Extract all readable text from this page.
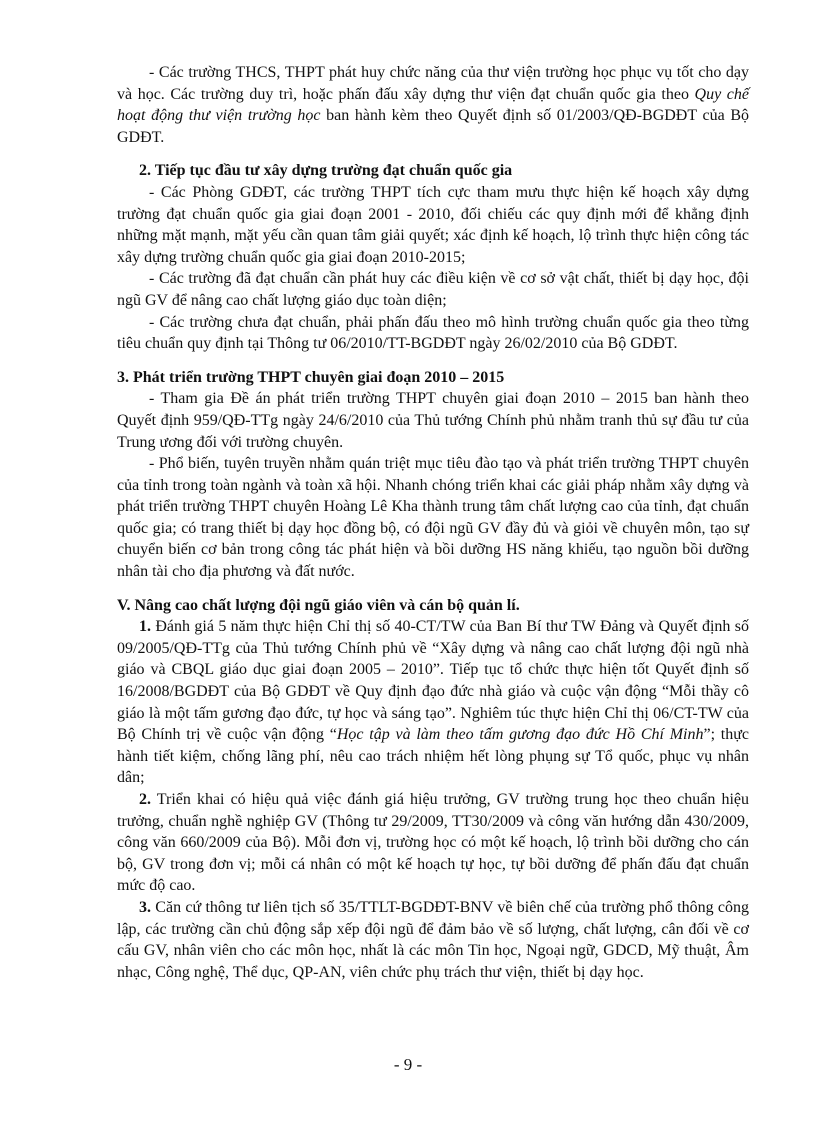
- Các trường THCS, THPT phát huy chức năng của thư viện trường học phục vụ tốt cho dạy và học. Các trường duy trì, hoặc phấn đấu xây dựng thư viện đạt chuẩn quốc gia theo Quy chế hoạt động thư viện trường học ban hành kèm theo Quyết định số 01/2003/QĐ-BGDĐT của Bộ GDĐT.

2. Tiếp tục đầu tư xây dựng trường đạt chuẩn quốc gia

- Các Phòng GDĐT, các trường THPT tích cực tham mưu thực hiện kế hoạch xây dựng trường đạt chuẩn quốc gia giai đoạn 2001 - 2010, đối chiếu các quy định mới để khẳng định những mặt mạnh, mặt yếu cần quan tâm giải quyết; xác định kế hoạch, lộ trình thực hiện công tác xây dựng trường chuẩn quốc gia giai đoạn 2010-2015;

- Các trường đã đạt chuẩn cần phát huy các điều kiện về cơ sở vật chất, thiết bị dạy học, đội ngũ GV để nâng cao chất lượng giáo dục toàn diện;

- Các trường chưa đạt chuẩn, phải phấn đấu theo mô hình trường chuẩn quốc gia theo từng tiêu chuẩn quy định tại Thông tư 06/2010/TT-BGDĐT ngày 26/02/2010 của Bộ GDĐT.

3. Phát triển trường THPT chuyên giai đoạn 2010 – 2015

- Tham gia Đề án phát triển trường THPT chuyên giai đoạn 2010 – 2015 ban hành theo Quyết định 959/QĐ-TTg ngày 24/6/2010 của Thủ tướng Chính phủ nhằm tranh thủ sự đầu tư của Trung ương đối với trường chuyên.

- Phổ biến, tuyên truyền nhằm quán triệt mục tiêu đào tạo và phát triển trường THPT chuyên của tỉnh trong toàn ngành và toàn xã hội. Nhanh chóng triển khai các giải pháp nhằm xây dựng và phát triển trường THPT chuyên Hoàng Lê Kha thành trung tâm chất lượng cao của tỉnh, đạt chuẩn quốc gia; có trang thiết bị dạy học đồng bộ, có đội ngũ GV đầy đủ và giỏi về chuyên môn, tạo sự chuyển biến cơ bản trong công tác phát hiện và bồi dưỡng HS năng khiếu, tạo nguồn bồi dưỡng nhân tài cho địa phương và đất nước.

V. Nâng cao chất lượng đội ngũ giáo viên và cán bộ quản lí.

1. Đánh giá 5 năm thực hiện Chỉ thị số 40-CT/TW của Ban Bí thư TW Đảng và Quyết định số 09/2005/QĐ-TTg của Thủ tướng Chính phủ về “Xây dựng và nâng cao chất lượng đội ngũ nhà giáo và CBQL giáo dục giai đoạn 2005 – 2010”. Tiếp tục tổ chức thực hiện tốt Quyết định số 16/2008/BGDĐT của Bộ GDĐT về Quy định đạo đức nhà giáo và cuộc vận động “Mỗi thầy cô giáo là một tấm gương đạo đức, tự học và sáng tạo”. Nghiêm túc thực hiện Chỉ thị 06/CT-TW của Bộ Chính trị về cuộc vận động “Học tập và làm theo tấm gương đạo đức Hồ Chí Minh”; thực hành tiết kiệm, chống lãng phí, nêu cao trách nhiệm hết lòng phụng sự Tổ quốc, phục vụ nhân dân;

2. Triển khai có hiệu quả việc đánh giá hiệu trưởng, GV trường trung học theo chuẩn hiệu trưởng, chuẩn nghề nghiệp GV (Thông tư 29/2009, TT30/2009 và công văn hướng dẫn 430/2009, công văn 660/2009 của Bộ). Mỗi đơn vị, trường học có một kế hoạch, lộ trình bồi dưỡng cho cán bộ, GV trong đơn vị; mỗi cá nhân có một kế hoạch tự học, tự bồi dưỡng để phấn đấu đạt chuẩn mức độ cao.

3. Căn cứ thông tư liên tịch số 35/TTLT-BGDĐT-BNV về biên chế của trường phổ thông công lập, các trường cần chủ động sắp xếp đội ngũ để đảm bảo về số lượng, chất lượng, cân đối về cơ cấu GV, nhân viên cho các môn học, nhất là các môn Tin học, Ngoại ngữ, GDCD, Mỹ thuật, Âm nhạc, Công nghệ, Thể dục, QP-AN, viên chức phụ trách thư viện, thiết bị dạy học.

- 9 -
